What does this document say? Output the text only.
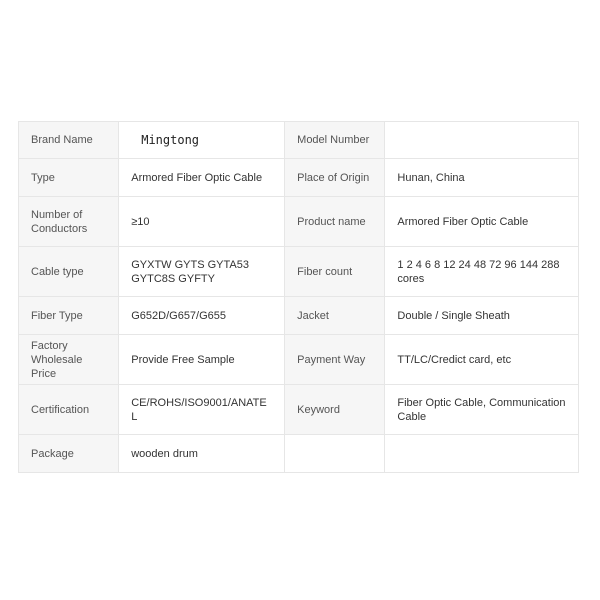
Brand Name	Mingtong	Model Number	
Type	Armored Fiber Optic Cable	Place of Origin	Hunan, China
Number of Conductors	≥10	Product name	Armored Fiber Optic Cable
Cable type	GYXTW GYTS GYTA53 GYTC8S GYFTY	Fiber count	1 2 4 6 8 12 24 48 72 96 144 288 cores
Fiber Type	G652D/G657/G655	Jacket	Double / Single Sheath
Factory Wholesale Price	Provide Free Sample	Payment Way	TT/LC/Credict card, etc
Certification	CE/ROHS/ISO9001/ANATEL	Keyword	Fiber Optic Cable, Communication Cable
Package	wooden drum		
